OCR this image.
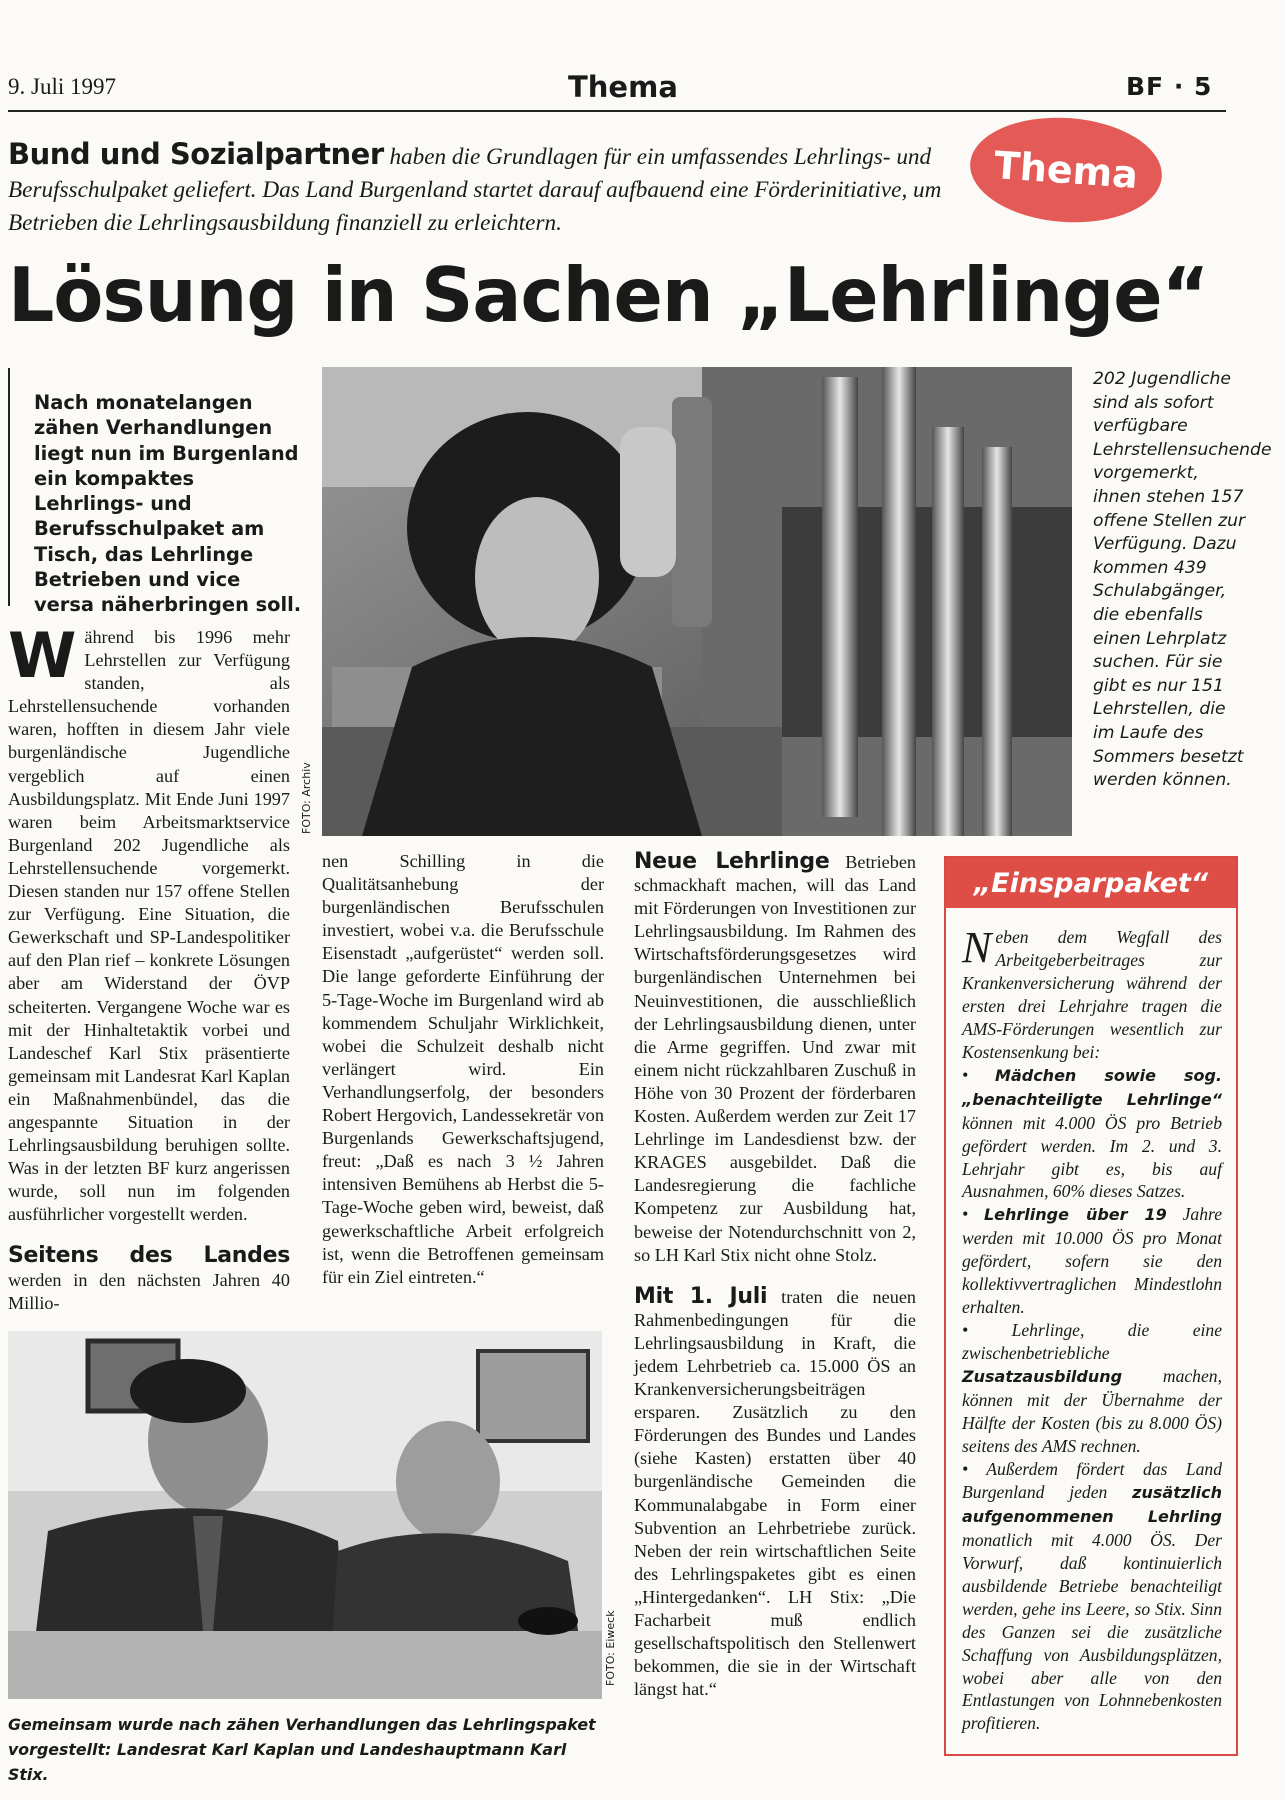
9. Juli 1997	Thema	BF · 5
Thema
Bund und Sozialpartner haben die Grundlagen für ein umfassendes Lehrlings- und Berufsschulpaket geliefert. Das Land Burgenland startet darauf aufbauend eine Förderinitiative, um Betrieben die Lehrlingsausbildung finanziell zu erleichtern.
Lösung in Sachen „Lehrlinge“
Nach monatelangen zähen Verhandlungen liegt nun im Burgenland ein kompaktes Lehrlings- und Berufsschulpaket am Tisch, das Lehrlinge Betrieben und vice versa näherbringen soll.
FOTO: Archiv
202 Jugendliche sind als sofort verfügbare Lehrstellensuchende vorgemerkt, ihnen stehen 157 offene Stellen zur Verfügung. Dazu kommen 439 Schulabgänger, die ebenfalls einen Lehrplatz suchen. Für sie gibt es nur 151 Lehrstellen, die im Laufe des Sommers besetzt werden können.
Während bis 1996 mehr Lehrstellen zur Verfügung standen, als Lehrstellensuchende vorhanden waren, hofften in diesem Jahr viele burgenländische Jugendliche vergeblich auf einen Ausbildungsplatz. Mit Ende Juni 1997 waren beim Arbeitsmarktservice Burgenland 202 Jugendliche als Lehrstellensuchende vorgemerkt. Diesen standen nur 157 offene Stellen zur Verfügung. Eine Situation, die Gewerkschaft und SP-Landespolitiker auf den Plan rief – konkrete Lösungen aber am Widerstand der ÖVP scheiterten. Vergangene Woche war es mit der Hinhaltetaktik vorbei und Landeschef Karl Stix präsentierte gemeinsam mit Landesrat Karl Kaplan ein Maßnahmenbündel, das die angespannte Situation in der Lehrlingsausbildung beruhigen sollte. Was in der letzten BF kurz angerissen wurde, soll nun im folgenden ausführlicher vorgestellt werden.
Seitens des Landes werden in den nächsten Jahren 40 Millio-
nen Schilling in die Qualitätsanhebung der burgenländischen Berufsschulen investiert, wobei v.a. die Berufsschule Eisenstadt „aufgerüstet“ werden soll. Die lange geforderte Einführung der 5-Tage-Woche im Burgenland wird ab kommendem Schuljahr Wirklichkeit, wobei die Schulzeit deshalb nicht verlängert wird. Ein Verhandlungserfolg, der besonders Robert Hergovich, Landessekretär von Burgenlands Gewerkschaftsjugend, freut: „Daß es nach 3 ½ Jahren intensiven Bemühens ab Herbst die 5-Tage-Woche geben wird, beweist, daß gewerkschaftliche Arbeit erfolgreich ist, wenn die Betroffenen gemeinsam für ein Ziel eintreten.“
Neue Lehrlinge Betrieben schmackhaft machen, will das Land mit Förderungen von Investitionen zur Lehrlingsausbildung. Im Rahmen des Wirtschaftsförderungsgesetzes wird burgenländischen Unternehmen bei Neuinvestitionen, die ausschließlich der Lehrlingsausbildung dienen, unter die Arme gegriffen. Und zwar mit einem nicht rückzahlbaren Zuschuß in Höhe von 30 Prozent der förderbaren Kosten. Außerdem werden zur Zeit 17 Lehrlinge im Landesdienst bzw. der KRAGES ausgebildet. Daß die Landesregierung die fachliche Kompetenz zur Ausbildung hat, beweise der Notendurchschnitt von 2, so LH Karl Stix nicht ohne Stolz.
Mit 1. Juli traten die neuen Rahmenbedingungen für die Lehrlingsausbildung in Kraft, die jedem Lehrbetrieb ca. 15.000 ÖS an Krankenversicherungsbeiträgen ersparen. Zusätzlich zu den Förderungen des Bundes und Landes (siehe Kasten) erstatten über 40 burgenländische Gemeinden die Kommunalabgabe in Form einer Subvention an Lehrbetriebe zurück. Neben der rein wirtschaftlichen Seite des Lehrlingspaketes gibt es einen „Hintergedanken“. LH Stix: „Die Facharbeit muß endlich gesellschaftspolitisch den Stellenwert bekommen, die sie in der Wirtschaft längst hat.“
FOTO: Eiweck
Gemeinsam wurde nach zähen Verhandlungen das Lehrlingspaket vorgestellt: Landesrat Karl Kaplan und Landeshauptmann Karl Stix.
„Einsparpaket“

Neben dem Wegfall des Arbeitgeberbeitrages zur Krankenversicherung während der ersten drei Lehrjahre tragen die AMS-Förderungen wesentlich zur Kostensenkung bei:

• Mädchen sowie sog. „benachteiligte Lehrlinge“ können mit 4.000 ÖS pro Betrieb gefördert werden. Im 2. und 3. Lehrjahr gibt es, bis auf Ausnahmen, 60% dieses Satzes.

• Lehrlinge über 19 Jahre werden mit 10.000 ÖS pro Monat gefördert, sofern sie den kollektivvertraglichen Mindestlohn erhalten.

• Lehrlinge, die eine zwischenbetriebliche Zusatzausbildung machen, können mit der Übernahme der Hälfte der Kosten (bis zu 8.000 ÖS) seitens des AMS rechnen.

• Außerdem fördert das Land Burgenland jeden zusätzlich aufgenommenen Lehrling monatlich mit 4.000 ÖS. Der Vorwurf, daß kontinuierlich ausbildende Betriebe benachteiligt werden, gehe ins Leere, so Stix. Sinn des Ganzen sei die zusätzliche Schaffung von Ausbildungsplätzen, wobei aber alle von den Entlastungen von Lohnnebenkosten profitieren.
